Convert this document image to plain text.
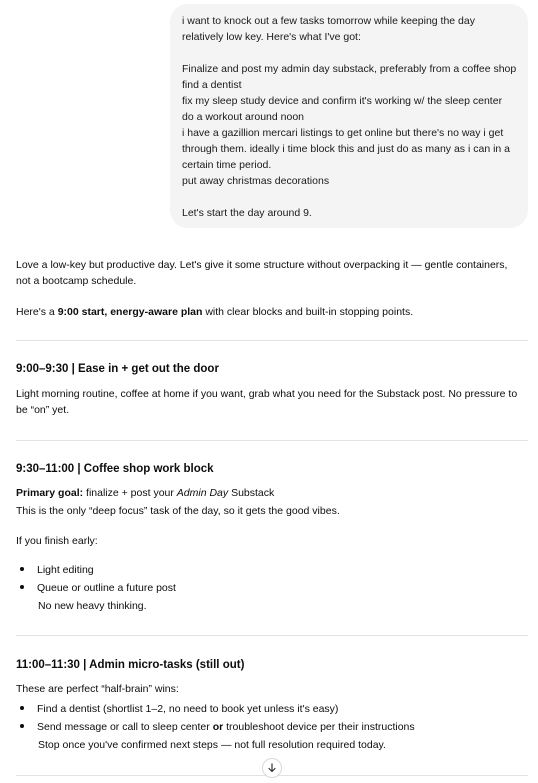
i want to knock out a few tasks tomorrow while keeping the day
relatively low key. Here's what I've got:
Finalize and post my admin day substack, preferably from a coffee shop
find a dentist
fix my sleep study device and confirm it's working w/ the sleep center
do a workout around noon
i have a gazillion mercari listings to get online but there's no way i get
through them. ideally i time block this and just do as many as i can in a
certain time period.
put away christmas decorations
Let's start the day around 9.

Love a low-key but productive day. Let's give it some structure without overpacking it — gentle containers,

not a bootcamp schedule.

Here's a 9:00 start, energy-aware plan with clear blocks and built-in stopping points.
9:00–9:30 | Ease in + get out the door

Light morning routine, coffee at home if you want, grab what you need for the Substack post. No pressure to

be “on” yet.

9:30–11:00 | Coffee shop work block
Primary goal: finalize + post your Admin Day Substack
This is the only “deep focus” task of the day, so it gets the good vibes.
If you finish early:
Light editing
Queue or outline a future post
No new heavy thinking.
11:00–11:30 | Admin micro-tasks (still out)
These are perfect “half-brain” wins:
Find a dentist (shortlist 1–2, no need to book yet unless it's easy)
Send message or call to sleep center or troubleshoot device per their instructions
Stop once you've confirmed next steps — not full resolution required today.
